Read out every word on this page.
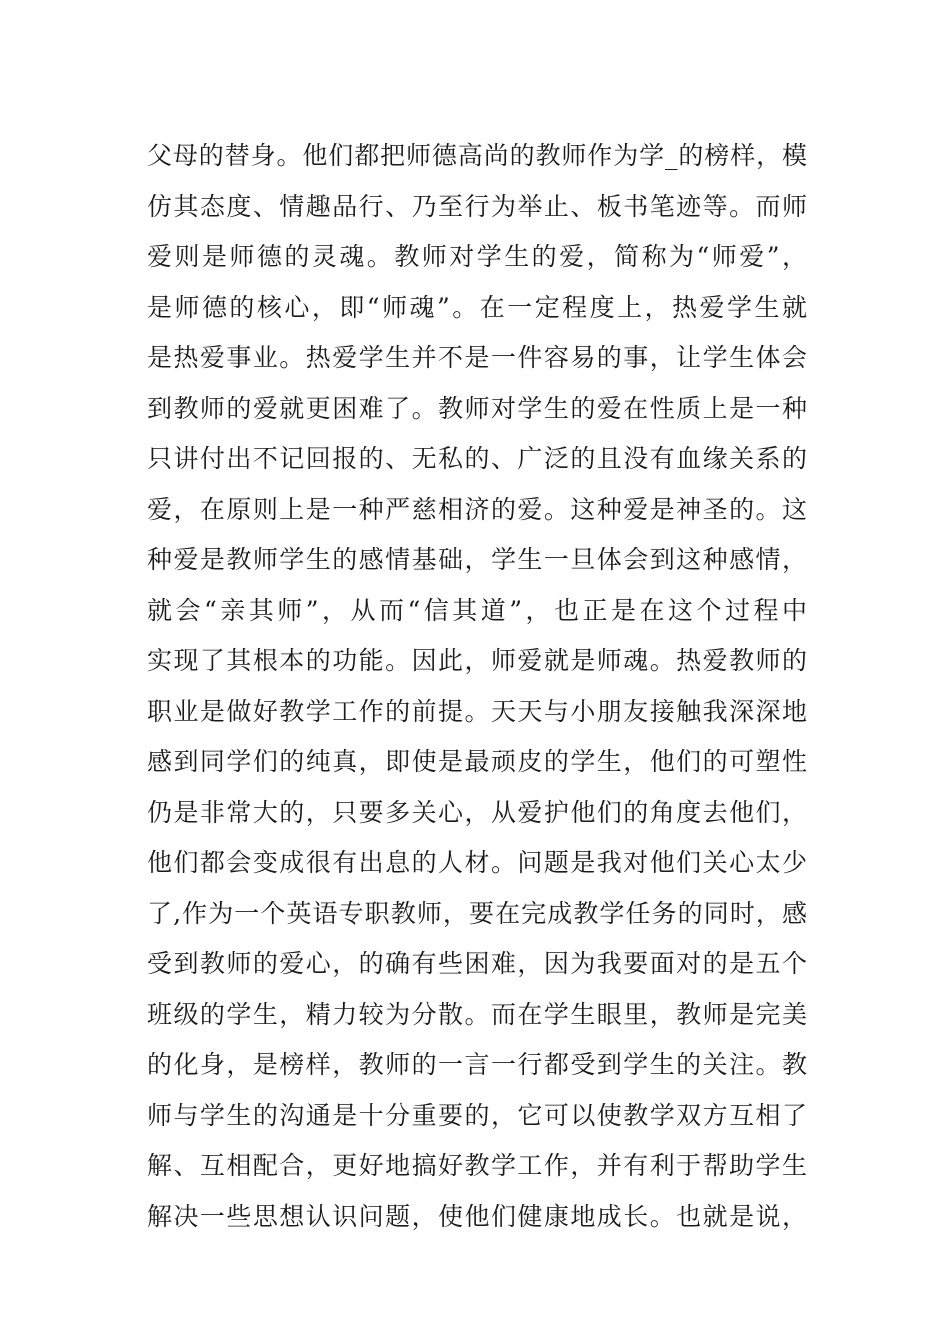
父母的替身。他们都把师德高尚的教师作为学_的榜样，模
仿其态度、情趣品行、乃至行为举止、板书笔迹等。而师
爱则是师德的灵魂。教师对学生的爱，简称为“师爱”，
是师德的核心，即“师魂”。在一定程度上，热爱学生就
是热爱事业。热爱学生并不是一件容易的事，让学生体会
到教师的爱就更困难了。教师对学生的爱在性质上是一种
只讲付出不记回报的、无私的、广泛的且没有血缘关系的
爱，在原则上是一种严慈相济的爱。这种爱是神圣的。这
种爱是教师学生的感情基础，学生一旦体会到这种感情，
就会“亲其师”，从而“信其道”，也正是在这个过程中
实现了其根本的功能。因此，师爱就是师魂。热爱教师的
职业是做好教学工作的前提。天天与小朋友接触我深深地
感到同学们的纯真，即使是最顽皮的学生，他们的可塑性
仍是非常大的，只要多关心，从爱护他们的角度去他们，
他们都会变成很有出息的人材。问题是我对他们关心太少
了,作为一个英语专职教师，要在完成教学任务的同时，感
受到教师的爱心，的确有些困难，因为我要面对的是五个
班级的学生，精力较为分散。而在学生眼里，教师是完美
的化身，是榜样，教师的一言一行都受到学生的关注。教
师与学生的沟通是十分重要的，它可以使教学双方互相了
解、互相配合，更好地搞好教学工作，并有利于帮助学生
解决一些思想认识问题，使他们健康地成长。也就是说，
